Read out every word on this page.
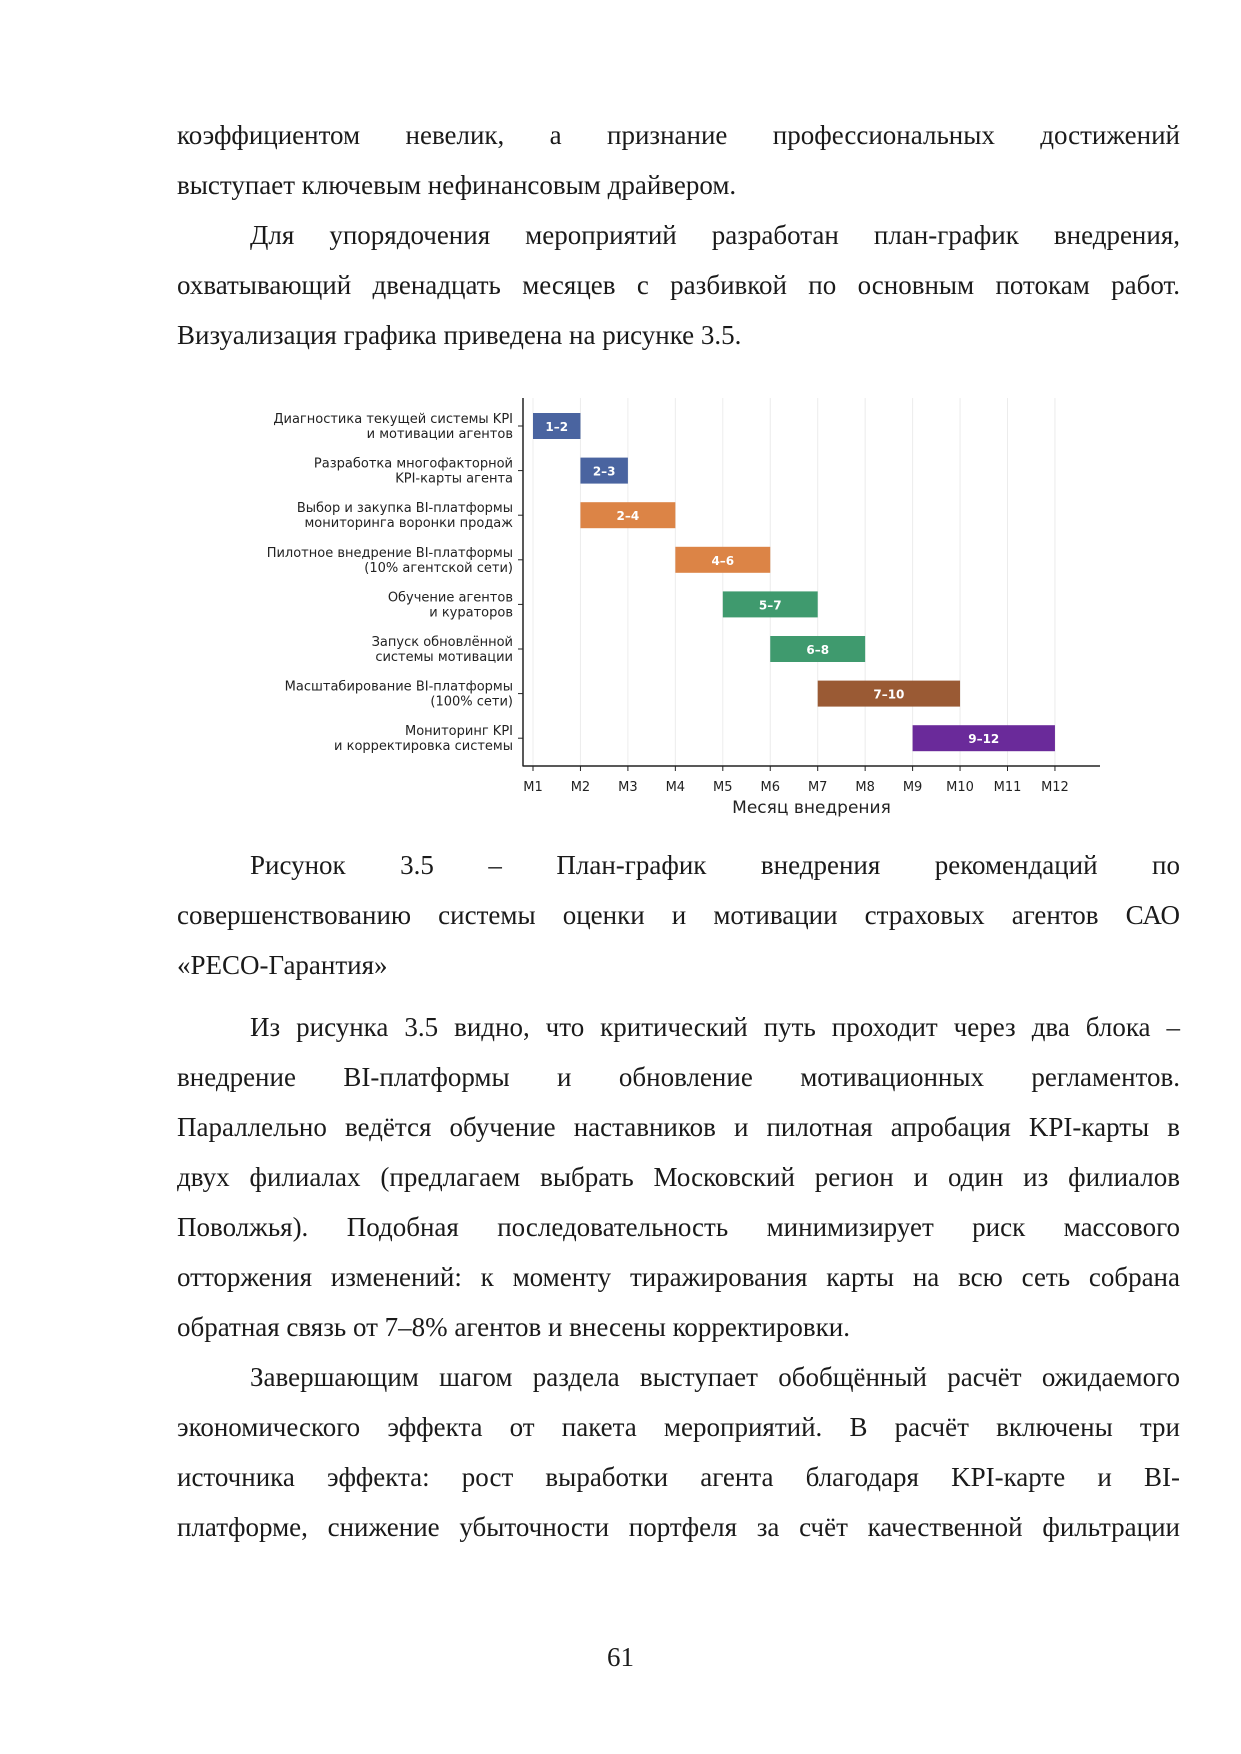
коэффициентом невелик, а признание профессиональных достижений
выступает ключевым нефинансовым драйвером.
Для упорядочения мероприятий разработан план-график внедрения,
охватывающий двенадцать месяцев с разбивкой по основным потокам работ.
Визуализация графика приведена на рисунке 3.5.
M1 M2 M3 M4 M5 M6 M7 M8 M9 M10 M11 M12
Месяц внедрения
Диагностика текущей системы KPI
и мотивации агентов	1–2
Разработка многофакторной
KPI-карты агента	2–3
Выбор и закупка BI-платформы
мониторинга воронки продаж	2–4
Пилотное внедрение BI-платформы
(10% агентской сети)	4–6
Обучение агентов
и кураторов	5–7
Запуск обновлённой
системы мотивации	6–8
Масштабирование BI-платформы
(100% сети)	7–10
Мониторинг KPI
и корректировка системы	9–12
Рисунок 3.5 – План-график внедрения рекомендаций по
совершенствованию системы оценки и мотивации страховых агентов САО
«РЕСО-Гарантия»
Из рисунка 3.5 видно, что критический путь проходит через два блока –
внедрение BI-платформы и обновление мотивационных регламентов.
Параллельно ведётся обучение наставников и пилотная апробация KPI-карты в
двух филиалах (предлагаем выбрать Московский регион и один из филиалов
Поволжья). Подобная последовательность минимизирует риск массового
отторжения изменений: к моменту тиражирования карты на всю сеть собрана
обратная связь от 7–8% агентов и внесены корректировки.
Завершающим шагом раздела выступает обобщённый расчёт ожидаемого
экономического эффекта от пакета мероприятий. В расчёт включены три
источника эффекта: рост выработки агента благодаря KPI-карте и BI-
платформе, снижение убыточности портфеля за счёт качественной фильтрации
61
